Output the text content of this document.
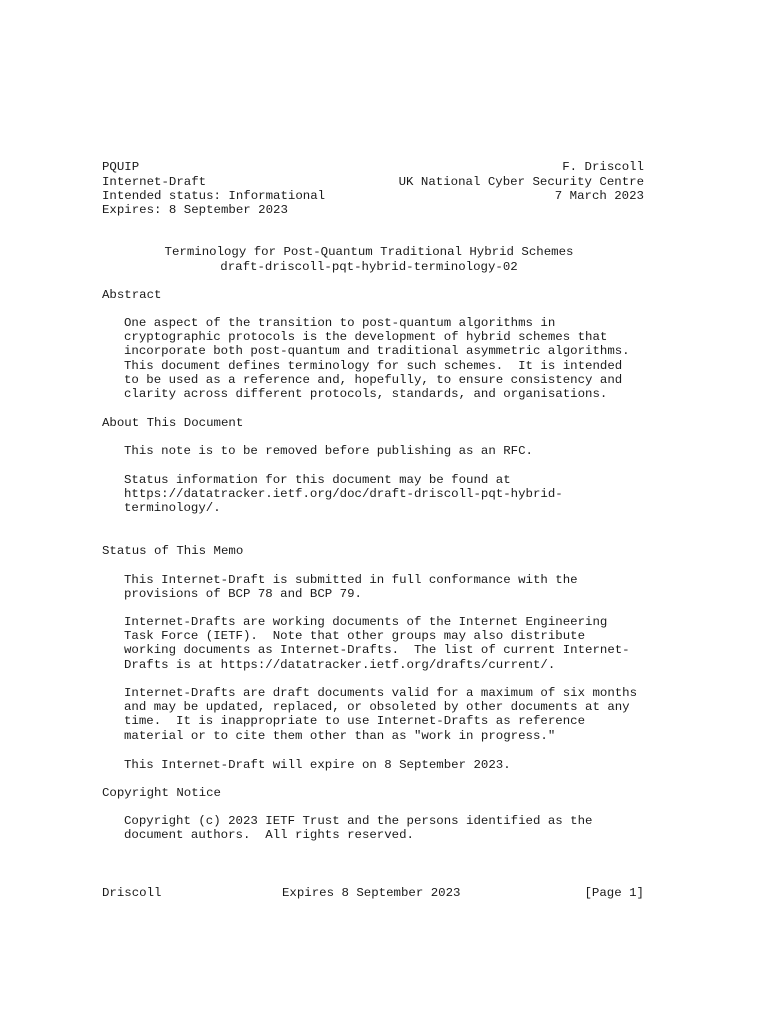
PQUIP	F. Driscoll
Internet-Draft	UK National Cyber Security Centre
Intended status: Informational	7 March 2023
Expires: 8 September 2023
Terminology for Post-Quantum Traditional Hybrid Schemes
draft-driscoll-pqt-hybrid-terminology-02
Abstract
One aspect of the transition to post-quantum algorithms in
cryptographic protocols is the development of hybrid schemes that
incorporate both post-quantum and traditional asymmetric algorithms.
This document defines terminology for such schemes.  It is intended
to be used as a reference and, hopefully, to ensure consistency and
clarity across different protocols, standards, and organisations.
About This Document
This note is to be removed before publishing as an RFC.
Status information for this document may be found at
https://datatracker.ietf.org/doc/draft-driscoll-pqt-hybrid-
terminology/.
Status of This Memo
This Internet-Draft is submitted in full conformance with the
provisions of BCP 78 and BCP 79.
Internet-Drafts are working documents of the Internet Engineering
Task Force (IETF).  Note that other groups may also distribute
working documents as Internet-Drafts.  The list of current Internet-
Drafts is at https://datatracker.ietf.org/drafts/current/.
Internet-Drafts are draft documents valid for a maximum of six months
and may be updated, replaced, or obsoleted by other documents at any
time.  It is inappropriate to use Internet-Drafts as reference
material or to cite them other than as "work in progress."
This Internet-Draft will expire on 8 September 2023.
Copyright Notice
Copyright (c) 2023 IETF Trust and the persons identified as the
document authors.  All rights reserved.
Driscoll	Expires 8 September 2023	[Page 1]
